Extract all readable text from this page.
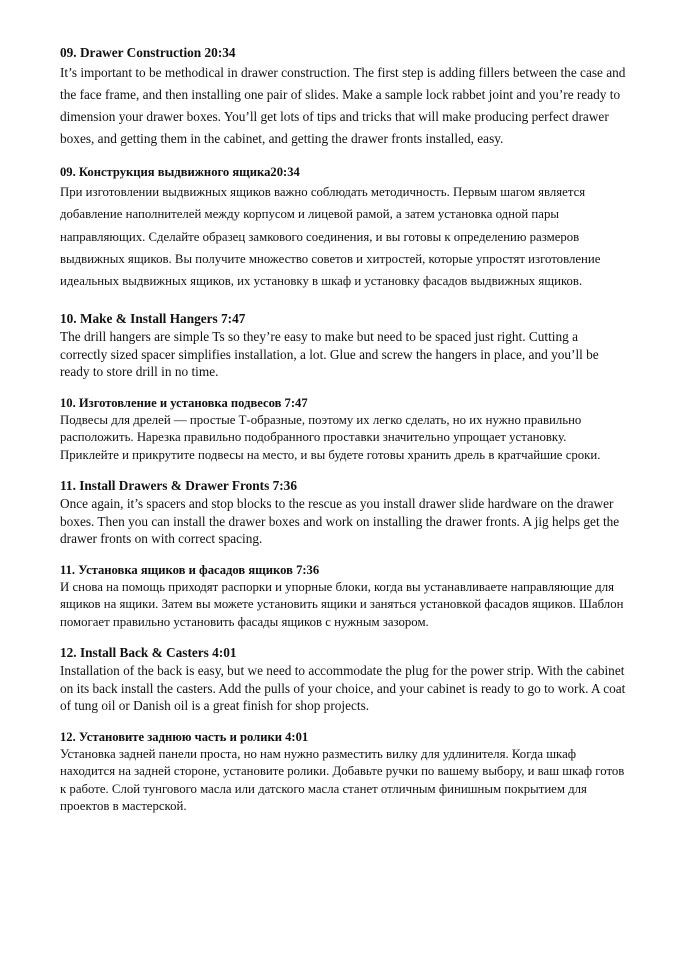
09. Drawer Construction 20:34

It’s important to be methodical in drawer construction. The first step is adding fillers between the case and the face frame, and then installing one pair of slides. Make a sample lock rabbet joint and you’re ready to dimension your drawer boxes. You’ll get lots of tips and tricks that will make producing perfect drawer boxes, and getting them in the cabinet, and getting the drawer fronts installed, easy.

09. Конструкция выдвижного ящика20:34

При изготовлении выдвижных ящиков важно соблюдать методичность. Первым шагом является добавление наполнителей между корпусом и лицевой рамой, а затем установка одной пары направляющих. Сделайте образец замкового соединения, и вы готовы к определению размеров выдвижных ящиков. Вы получите множество советов и хитростей, которые упростят изготовление идеальных выдвижных ящиков, их установку в шкаф и установку фасадов выдвижных ящиков.

10. Make & Install Hangers 7:47

The drill hangers are simple Ts so they’re easy to make but need to be spaced just right. Cutting a correctly sized spacer simplifies installation, a lot. Glue and screw the hangers in place, and you’ll be ready to store drill in no time.

10. Изготовление и установка подвесов 7:47

Подвесы для дрелей — простые Т-образные, поэтому их легко сделать, но их нужно правильно расположить. Нарезка правильно подобранного проставки значительно упрощает установку. Приклейте и прикрутите подвесы на место, и вы будете готовы хранить дрель в кратчайшие сроки.

11. Install Drawers & Drawer Fronts 7:36

Once again, it’s spacers and stop blocks to the rescue as you install drawer slide hardware on the drawer boxes. Then you can install the drawer boxes and work on installing the drawer fronts. A jig helps get the drawer fronts on with correct spacing.

11. Установка ящиков и фасадов ящиков 7:36

И снова на помощь приходят распорки и упорные блоки, когда вы устанавливаете направляющие для ящиков на ящики. Затем вы можете установить ящики и заняться установкой фасадов ящиков. Шаблон помогает правильно установить фасады ящиков с нужным зазором.

12. Install Back & Casters 4:01

Installation of the back is easy, but we need to accommodate the plug for the power strip. With the cabinet on its back install the casters. Add the pulls of your choice, and your cabinet is ready to go to work. A coat of tung oil or Danish oil is a great finish for shop projects.

12. Установите заднюю часть и ролики 4:01

Установка задней панели проста, но нам нужно разместить вилку для удлинителя. Когда шкаф находится на задней стороне, установите ролики. Добавьте ручки по вашему выбору, и ваш шкаф готов к работе. Слой тунгового масла или датского масла станет отличным финишным покрытием для проектов в мастерской.
